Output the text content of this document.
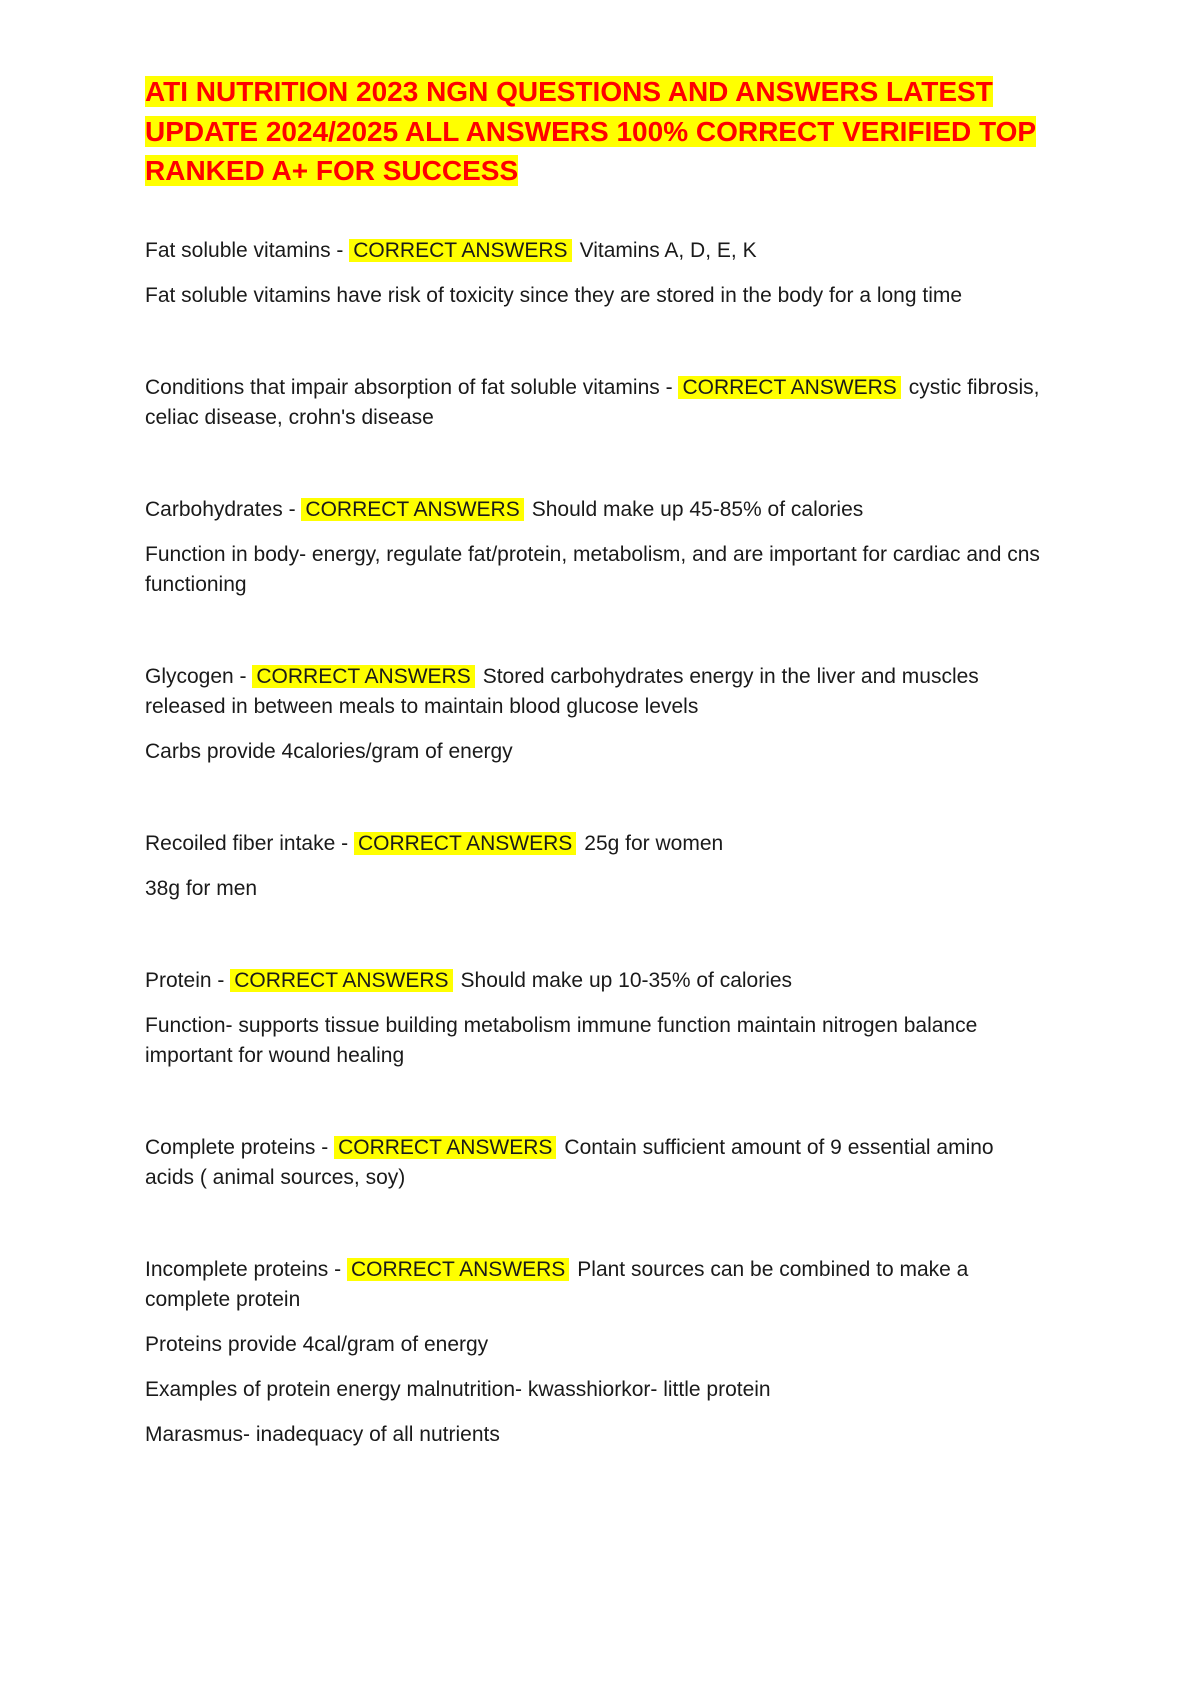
ATI NUTRITION 2023 NGN QUESTIONS AND ANSWERS LATEST UPDATE 2024/2025 ALL ANSWERS 100% CORRECT VERIFIED TOP RANKED A+ FOR SUCCESS

Fat soluble vitamins - CORRECT ANSWERS Vitamins A, D, E, K

Fat soluble vitamins have risk of toxicity since they are stored in the body for a long time

Conditions that impair absorption of fat soluble vitamins - CORRECT ANSWERS cystic fibrosis, celiac disease, crohn's disease

Carbohydrates - CORRECT ANSWERS Should make up 45-85% of calories

Function in body- energy, regulate fat/protein, metabolism, and are important for cardiac and cns functioning

Glycogen - CORRECT ANSWERS Stored carbohydrates energy in the liver and muscles released in between meals to maintain blood glucose levels

Carbs provide 4calories/gram of energy

Recoiled fiber intake - CORRECT ANSWERS 25g for women

38g for men

Protein - CORRECT ANSWERS Should make up 10-35% of calories

Function- supports tissue building metabolism immune function maintain nitrogen balance important for wound healing

Complete proteins - CORRECT ANSWERS Contain sufficient amount of 9 essential amino acids ( animal sources, soy)

Incomplete proteins - CORRECT ANSWERS Plant sources can be combined to make a complete protein

Proteins provide 4cal/gram of energy

Examples of protein energy malnutrition- kwasshiorkor- little protein

Marasmus- inadequacy of all nutrients
